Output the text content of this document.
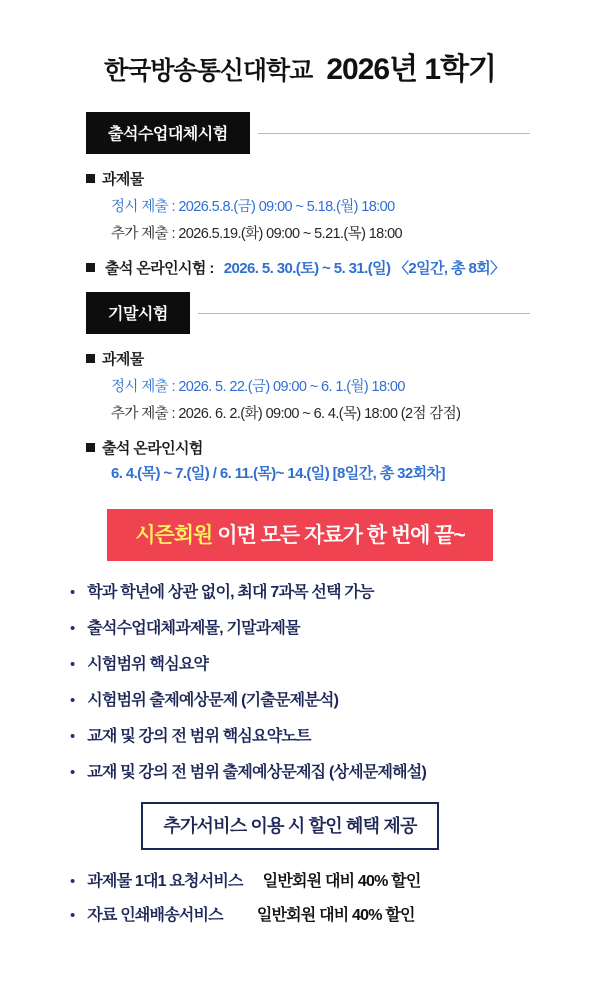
한국방송통신대학교 2026년 1학기
출석수업대체시험
과제물
정시 제출 : 2026.5.8.(금) 09:00 ~ 5.18.(월) 18:00
추가 제출 : 2026.5.19.(화) 09:00 ~ 5.21.(목) 18:00
출석 온라인시험 : 2026. 5. 30.(토) ~ 5. 31.(일) 〈2일간, 총 8회〉
기말시험
과제물
정시 제출 : 2026. 5. 22.(금) 09:00 ~ 6. 1.(월) 18:00
추가 제출 : 2026. 6. 2.(화) 09:00 ~ 6. 4.(목) 18:00 (2점 감점)
출석 온라인시험
6. 4.(목) ~ 7.(일) / 6. 11.(목)~ 14.(일) [8일간, 총 32회차]
시즌회원 이면 모든 자료가 한 번에 끝~
• 학과 학년에 상관 없이, 최대 7과목 선택 가능
• 출석수업대체과제물, 기말과제물
• 시험범위 핵심요약
• 시험범위 출제예상문제 (기출문제분석)
• 교재 및 강의 전 범위 핵심요약노트
• 교재 및 강의 전 범위 출제예상문제집 (상세문제해설)
추가서비스 이용 시 할인 혜택 제공
• 과제물 1대1 요청서비스 일반회원 대비 40% 할인
• 자료 인쇄배송서비스 일반회원 대비 40% 할인
